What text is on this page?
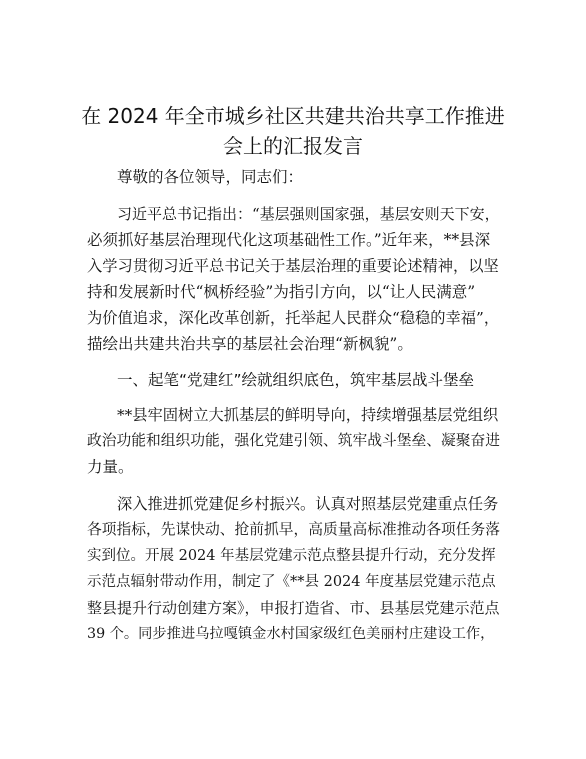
在 2024 年全市城乡社区共建共治共享工作推进
会上的汇报发言
尊敬的各位领导，同志们：
习近平总书记指出：“基层强则国家强，基层安则天下安，
必须抓好基层治理现代化这项基础性工作。”近年来，**县深
入学习贯彻习近平总书记关于基层治理的重要论述精神，以坚
持和发展新时代“枫桥经验”为指引方向，以“让人民满意”
为价值追求，深化改革创新，托举起人民群众“稳稳的幸福”，
描绘出共建共治共享的基层社会治理“新枫貌”。
一、起笔“党建红”绘就组织底色，筑牢基层战斗堡垒
**县牢固树立大抓基层的鲜明导向，持续增强基层党组织
政治功能和组织功能，强化党建引领、筑牢战斗堡垒、凝聚奋进
力量。
深入推进抓党建促乡村振兴。认真对照基层党建重点任务
各项指标，先谋快动、抢前抓早，高质量高标准推动各项任务落
实到位。开展 2024 年基层党建示范点整县提升行动，充分发挥
示范点辐射带动作用，制定了《**县 2024 年度基层党建示范点
整县提升行动创建方案》，申报打造省、市、县基层党建示范点
39 个。同步推进乌拉嘎镇金水村国家级红色美丽村庄建设工作，
